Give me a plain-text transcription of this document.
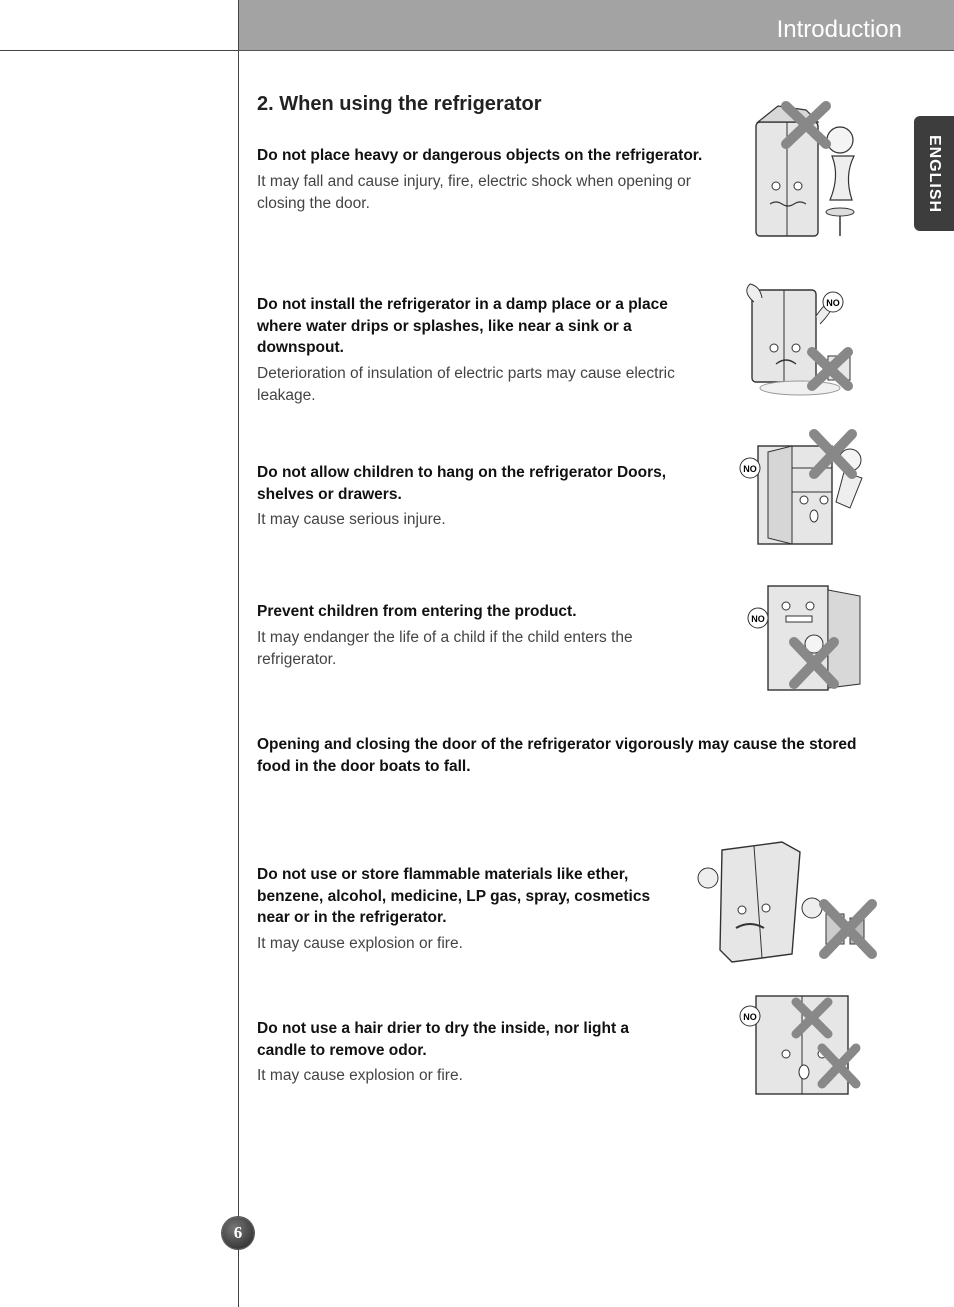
Introduction
ENGLISH
2. When using the refrigerator
Do not place heavy or dangerous objects on the refrigerator.
It may fall and cause injury, fire, electric shock when opening or closing the door.
Do not install the refrigerator in a damp place or a place where water drips or splashes, like near a sink or a downspout.
Deterioration of insulation of electric parts may cause electric leakage.
Do not allow children to hang on the refrigerator Doors, shelves or drawers.
It may cause serious injure.
Prevent children from entering the product.
It may endanger the life of a child if the child enters the refrigerator.
Opening and closing the door of the refrigerator vigorously may cause the stored food in the door boats to fall.
Do not use or store flammable materials like ether, benzene, alcohol, medicine, LP gas, spray, cosmetics near or in the refrigerator.
It may cause explosion or fire.
Do not use a hair drier to dry the inside, nor light a candle to remove odor.
It may cause explosion or fire.
NO
NO
NO
NO
6
